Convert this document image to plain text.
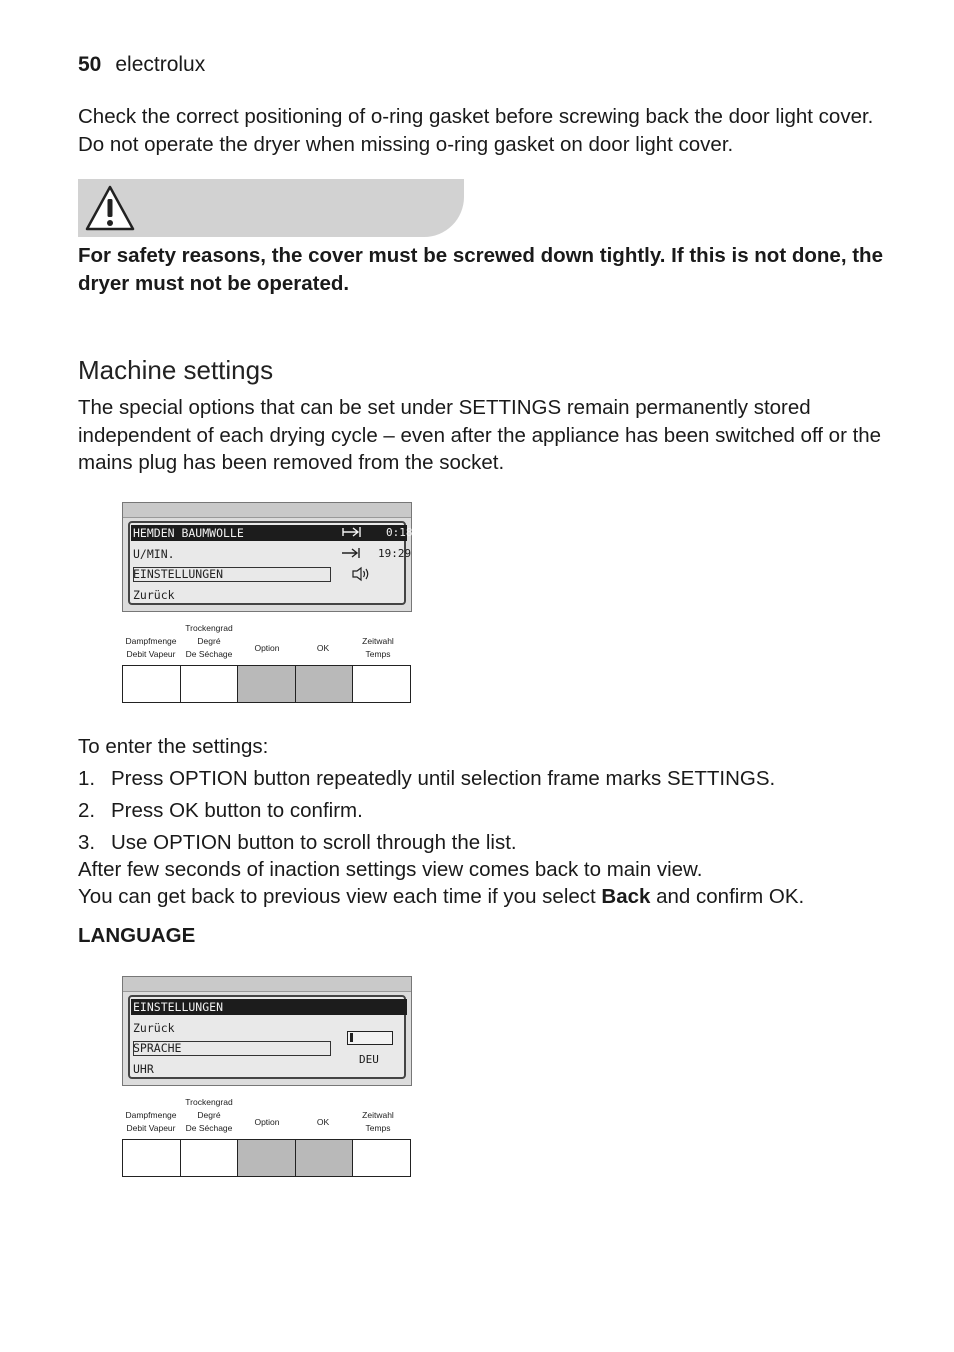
50 electrolux
Check the correct positioning of o-ring gasket before screwing back the door light cover. Do not operate the dryer when missing o-ring gasket on door light cover.
For safety reasons, the cover must be screwed down tightly. If this is not done, the dryer must not be operated.
Machine settings
The special options that can be set under SETTINGS remain permanently stored independent of each drying cycle – even after the appliance has been switched off or the mains plug has been removed from the socket.
HEMDEN BAUMWOLLE	0:18
U/MIN.	19:29
EINSTELLUNGEN
Zurück
Dampfmenge
Debit Vapeur
Trockengrad
Degré
De Séchage
Option	OK
Zeitwahl
Temps
To enter the settings:
1. Press OPTION button repeatedly until selection frame marks SETTINGS.
2. Press OK button to confirm.
3. Use OPTION button to scroll through the list.
After few seconds of inaction settings view comes back to main view.
You can get back to previous view each time if you select Back and confirm OK.
LANGUAGE
EINSTELLUNGEN
Zurück
SPRACHE
UHR
DEU
Dampfmenge
Debit Vapeur
Trockengrad
Degré
De Séchage
Option	OK
Zeitwahl
Temps
